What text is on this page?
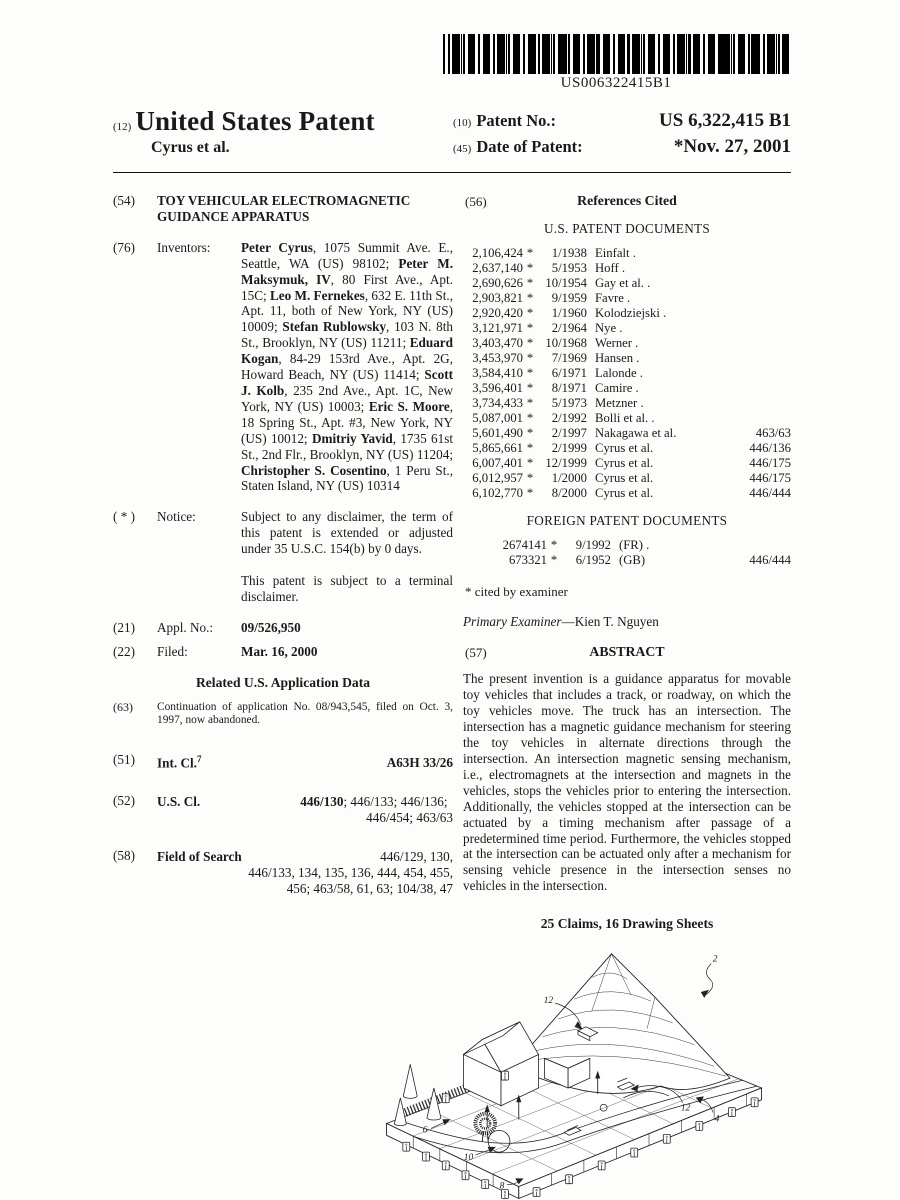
US006322415B1
(12) United States Patent
Cyrus et al.
(10) Patent No.:	US 6,322,415 B1
(45) Date of Patent:	*Nov. 27, 2001
(54)	TOY VEHICULAR ELECTROMAGNETIC GUIDANCE APPARATUS
(76)	Inventors:	Peter Cyrus, 1075 Summit Ave. E., Seattle, WA (US) 98102; Peter M. Maksymuk, IV, 80 First Ave., Apt. 15C; Leo M. Fernekes, 632 E. 11th St., Apt. 11, both of New York, NY (US) 10009; Stefan Rublowsky, 103 N. 8th St., Brooklyn, NY (US) 11211; Eduard Kogan, 84-29 153rd Ave., Apt. 2G, Howard Beach, NY (US) 11414; Scott J. Kolb, 235 2nd Ave., Apt. 1C, New York, NY (US) 10003; Eric S. Moore, 18 Spring St., Apt. #3, New York, NY (US) 10012; Dmitriy Yavid, 1735 61st St., 2nd Flr., Brooklyn, NY (US) 11204; Christopher S. Cosentino, 1 Peru St., Staten Island, NY (US) 10314
( * )	Notice:	Subject to any disclaimer, the term of this patent is extended or adjusted under 35 U.S.C. 154(b) by 0 days.
This patent is subject to a terminal disclaimer.
(21)	Appl. No.:	09/526,950
(22)	Filed:	Mar. 16, 2000
Related U.S. Application Data
(63)	Continuation of application No. 08/943,545, filed on Oct. 3, 1997, now abandoned.
(51)	Int. Cl.$^7$	A63H 33/26
(52)	U.S. Cl.	446/130; 446/133; 446/136;
446/454; 463/63
(58)	Field of Search	446/129, 130,
446/133, 134, 135, 136, 444, 454, 455,
456; 463/58, 61, 63; 104/38, 47
(56)	References Cited
U.S. PATENT DOCUMENTS
2,106,424 *	1/1938 Einfalt .
2,637,140 *	5/1953 Hoff .
2,690,626 * 10/1954 Gay et al. .
2,903,821 *	9/1959 Favre .
2,920,420 *	1/1960 Kolodziejski .
3,121,971 *	2/1964 Nye .
3,403,470 * 10/1968 Werner .
3,453,970 *	7/1969 Hansen .
3,584,410 *	6/1971 Lalonde .
3,596,401 *	8/1971 Camire .
3,734,433 *	5/1973 Metzner .
5,087,001 *	2/1992 Bolli et al. .
5,601,490 *	2/1997 Nakagawa et al.	463/63
5,865,661 *	2/1999 Cyrus et al.	446/136
6,007,401 * 12/1999 Cyrus et al.	446/175
6,012,957 *	1/2000 Cyrus et al.	446/175
6,102,770 *	8/2000 Cyrus et al.	446/444
FOREIGN PATENT DOCUMENTS
2674141 *	9/1992 (FR) .
673321 *	6/1952 (GB)	446/444
* cited by examiner
Primary Examiner—Kien T. Nguyen
(57)	ABSTRACT
The present invention is a guidance apparatus for movable toy vehicles that includes a track, or roadway, on which the toy vehicles move. The truck has an intersection. The intersection has a magnetic guidance mechanism for steering the toy vehicles in alternate directions through the intersection. An intersection magnetic sensing mechanism, i.e., electromagnets at the intersection and magnets in the vehicles, stops the vehicles prior to entering the intersection. Additionally, the vehicles stopped at the intersection can be actuated by a timing mechanism after passage of a predetermined time period. Furthermore, the vehicles stopped at the intersection can be actuated only after a mechanism for sensing vehicle presence in the intersection senses no vehicles in the intersection.
25 Claims, 16 Drawing Sheets
2
12
12
4
6
10
8
